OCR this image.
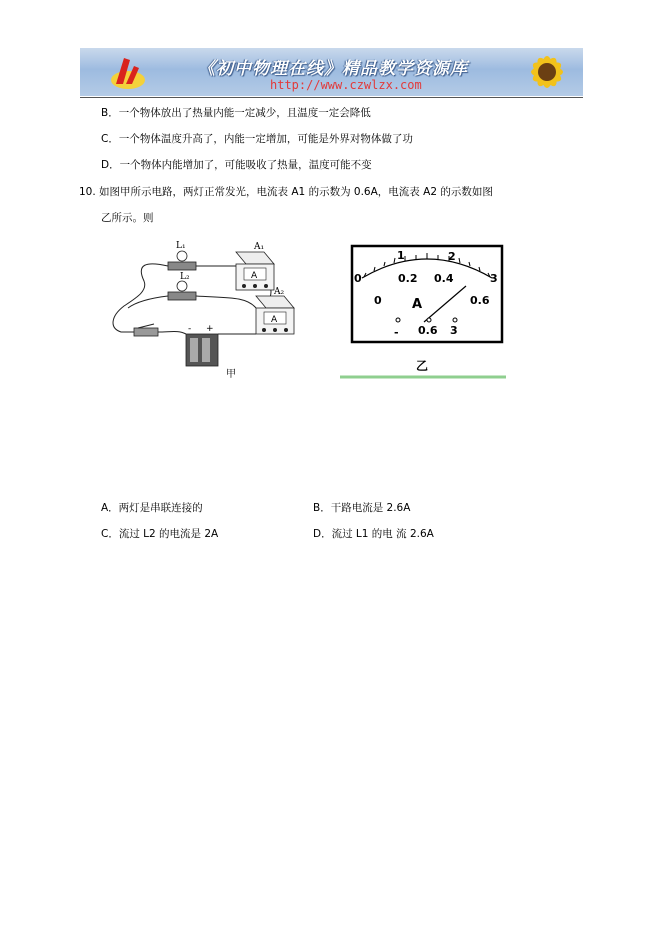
《初中物理在线》精品教学资源库
http://www.czwlzx.com
B．一个物体放出了热量内能一定减少，且温度一定会降低
C．一个物体温度升高了，内能一定增加，可能是外界对物体做了功
D．一个物体内能增加了，可能吸收了热量，温度可能不变
10. 如图甲所示电路，两灯正常发光，电流表 A1 的示数为 0.6A，电流表 A2 的示数如图
乙所示。则
L₁
L₂	A
A₁
A
A₂
- +
甲
0
1	2
3
0
0.2 0.4
0.6
A
- 0.6 3
乙
A．两灯是串联连接的	B．干路电流是 2.6A
C．流过 L2 的电流是 2A	D．流过 L1 的电 流 2.6A
